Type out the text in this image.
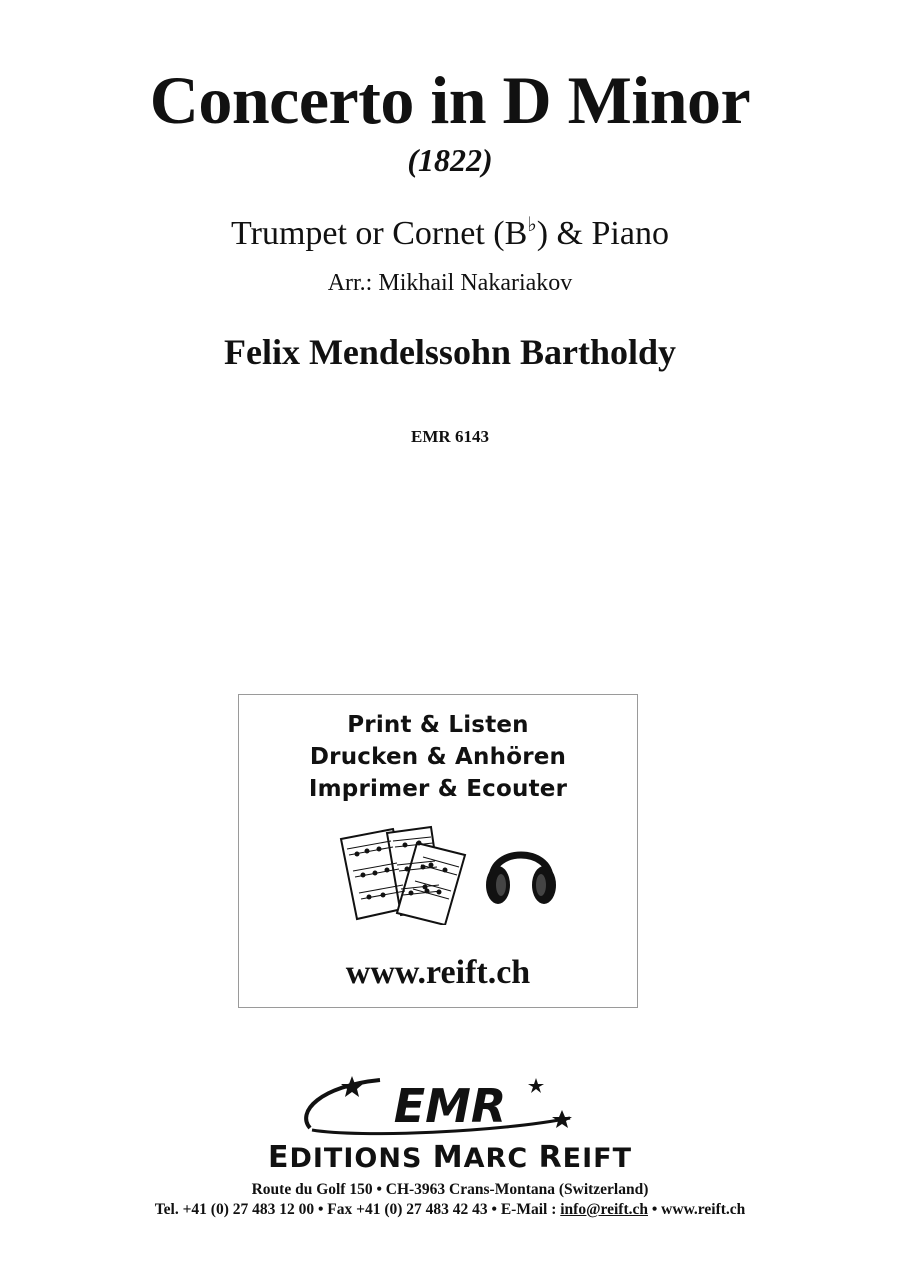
Concerto in D Minor
(1822)
Trumpet or Cornet (B♭) & Piano
Arr.: Mikhail Nakariakov
Felix Mendelssohn Bartholdy
EMR 6143
Print & Listen
Drucken & Anhören
Imprimer & Ecouter
www.reift.ch
EMR
EDITIONS MARC REIFT
Route du Golf 150 • CH-3963 Crans-Montana (Switzerland)
Tel. +41 (0) 27 483 12 00 • Fax +41 (0) 27 483 42 43 • E-Mail : info@reift.ch • www.reift.ch
